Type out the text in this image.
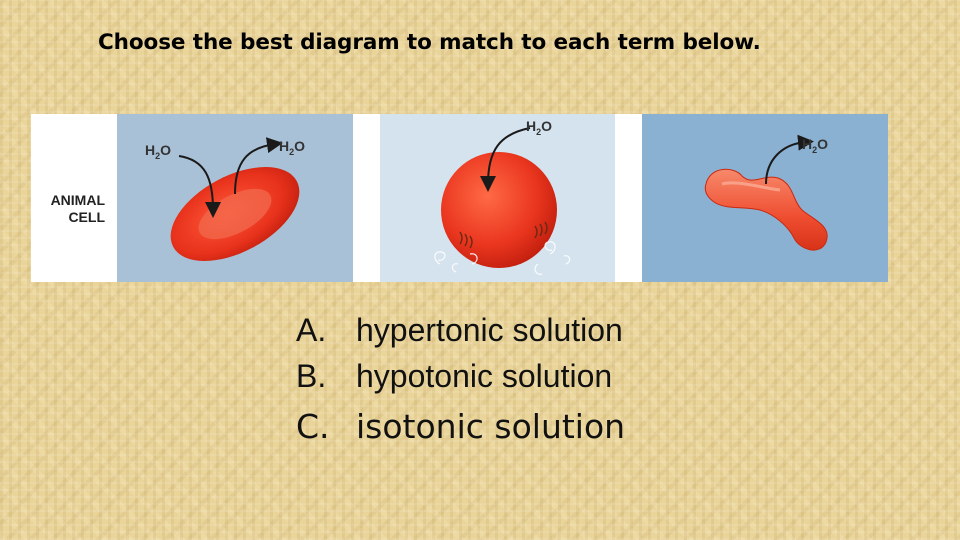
Choose the best diagram to match to each term below.
ANIMAL
CELL
$H_2O$	$H_2O$
$H_2O$
$H_2O$
A. hypertonic solution
B. hypotonic solution
C. isotonic solution
